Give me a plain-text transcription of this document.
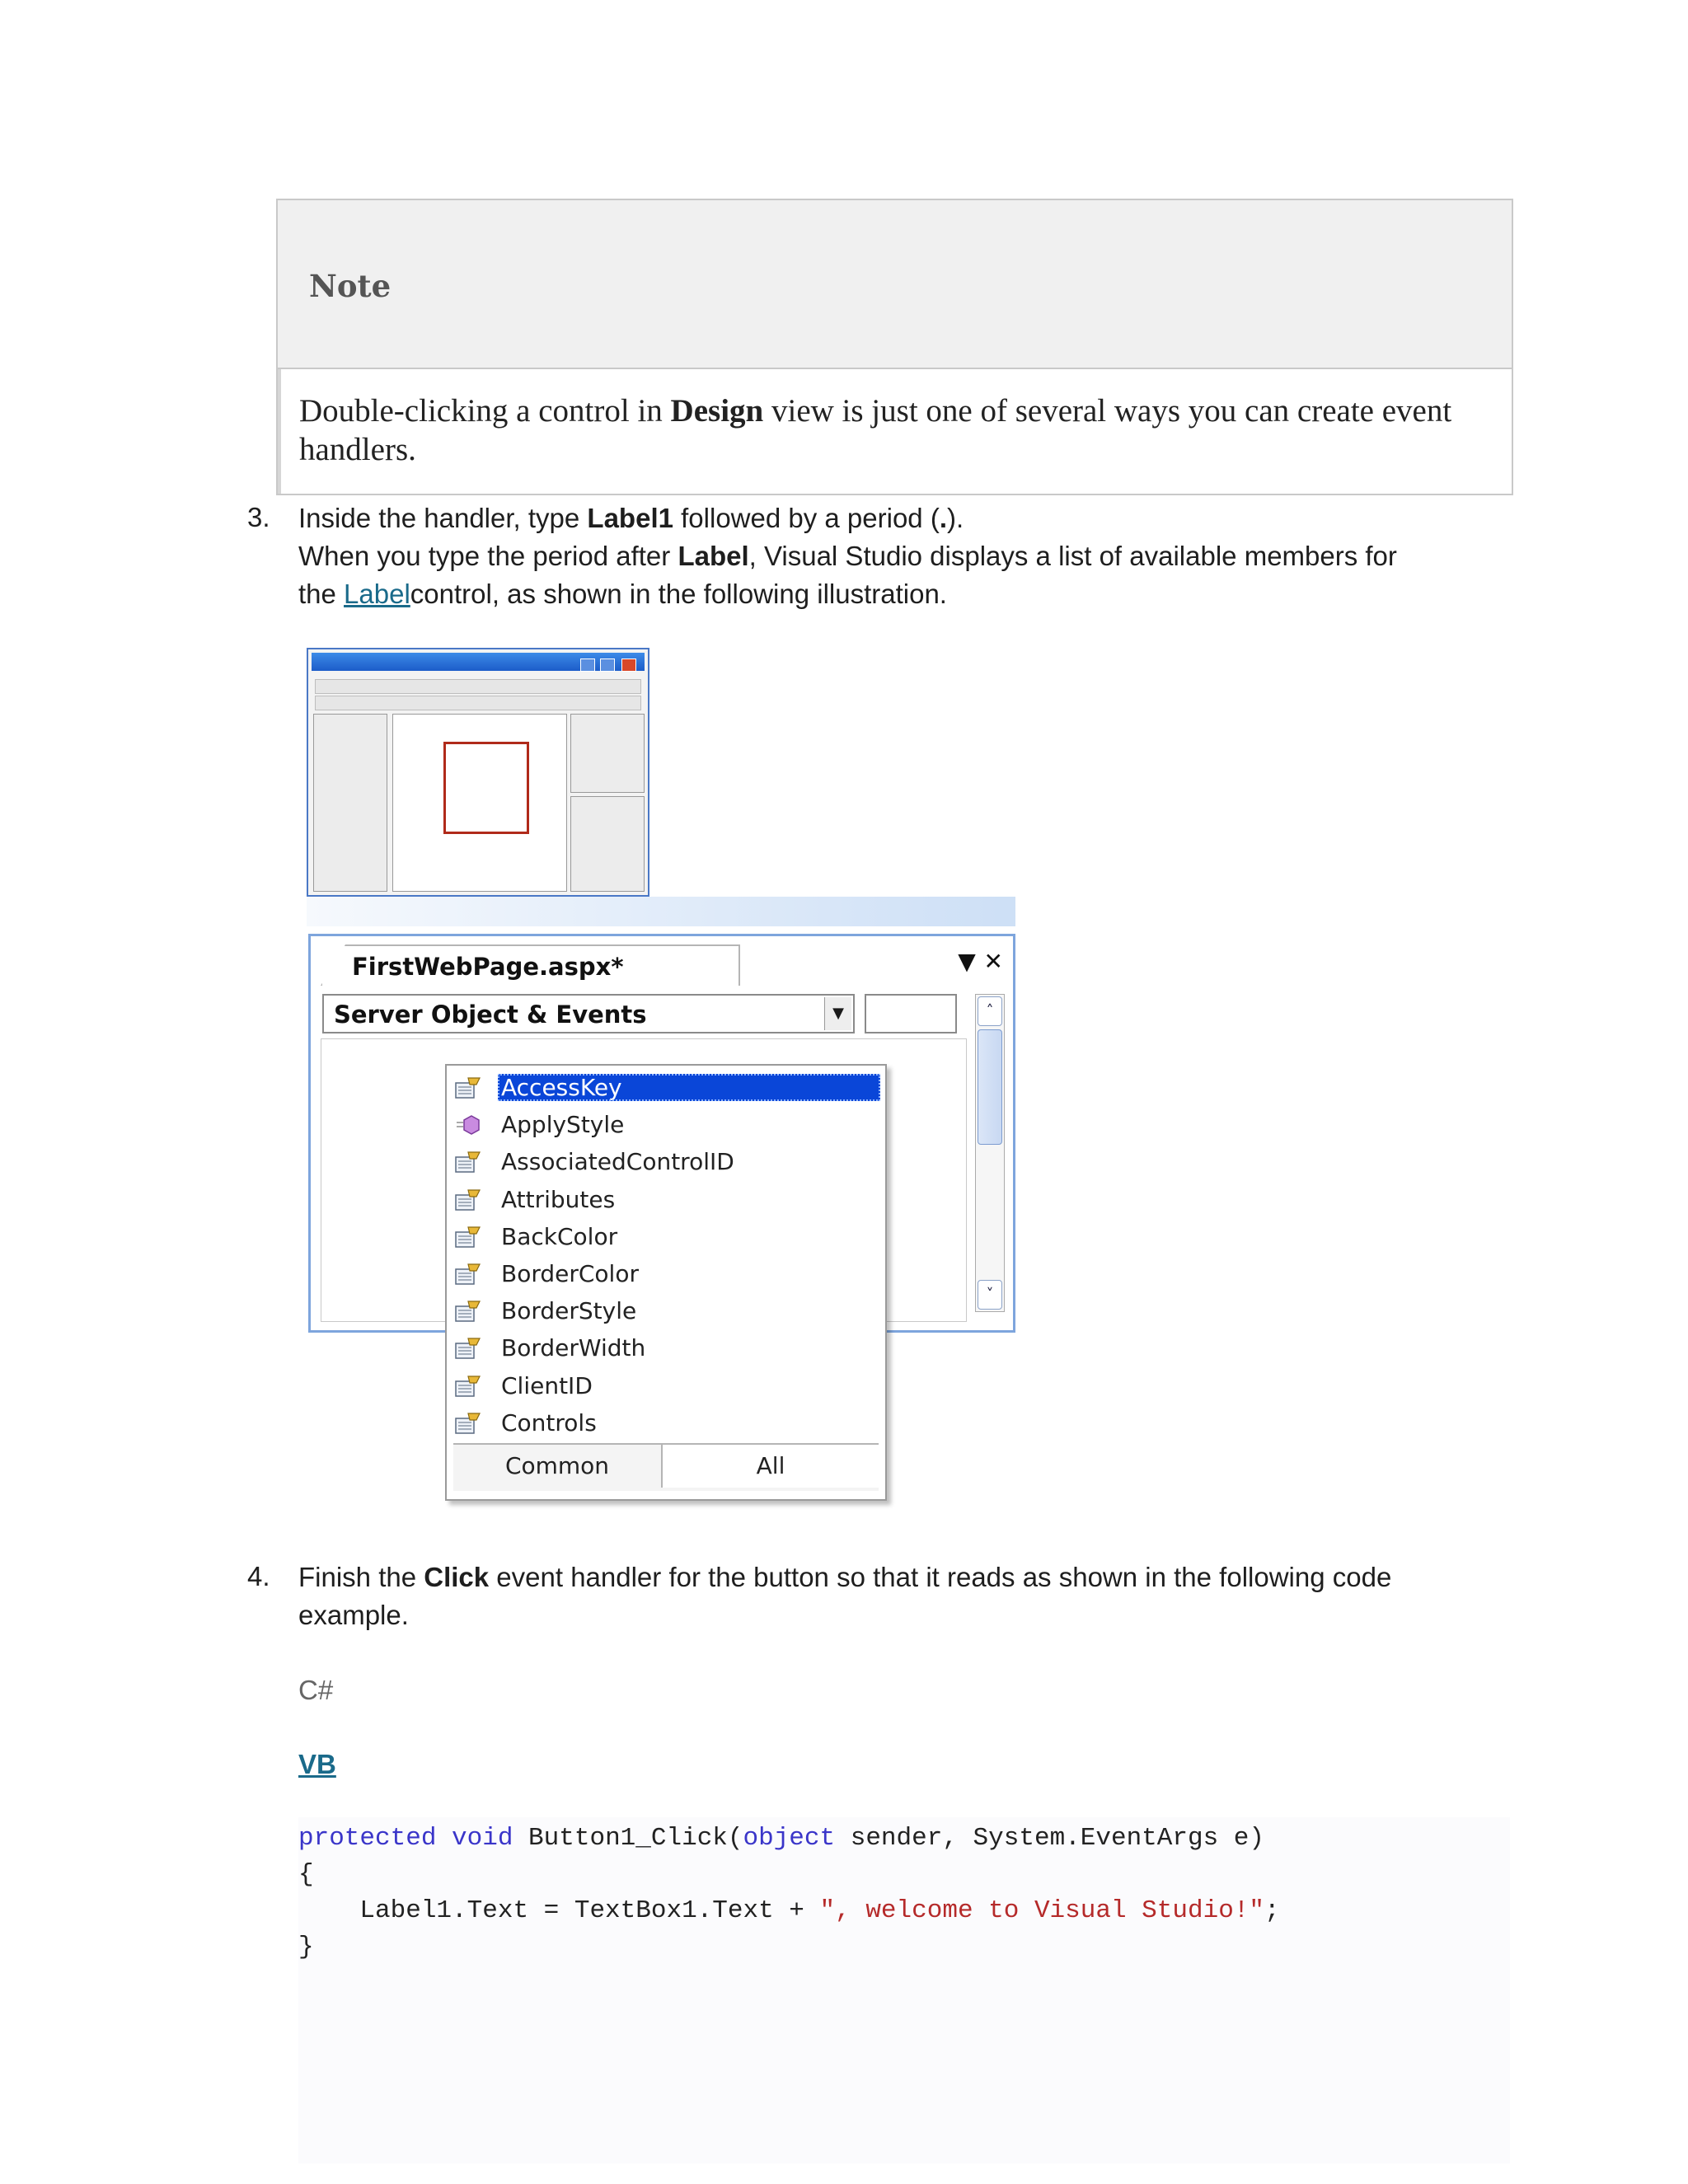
Note
Double-clicking a control in Design view is just one of several ways you can create event handlers.
3. Inside the handler, type Label1 followed by a period (.).
When you type the period after Label, Visual Studio displays a list of available members for
the Labelcontrol, as shown in the following illustration.
FirstWebPage.aspx*	▼ ✕
Server Object & Events	▼	˄
˅
AccessKey
ApplyStyle
AssociatedControlID
Attributes
BackColor
BorderColor
BorderStyle
BorderWidth
ClientID
Controls
Common	All
4. Finish the Click event handler for the button so that it reads as shown in the following code
example.
C#
VB
protected void Button1_Click(object sender, System.EventArgs e)
{
Label1.Text = TextBox1.Text + ", welcome to Visual Studio!";
}
